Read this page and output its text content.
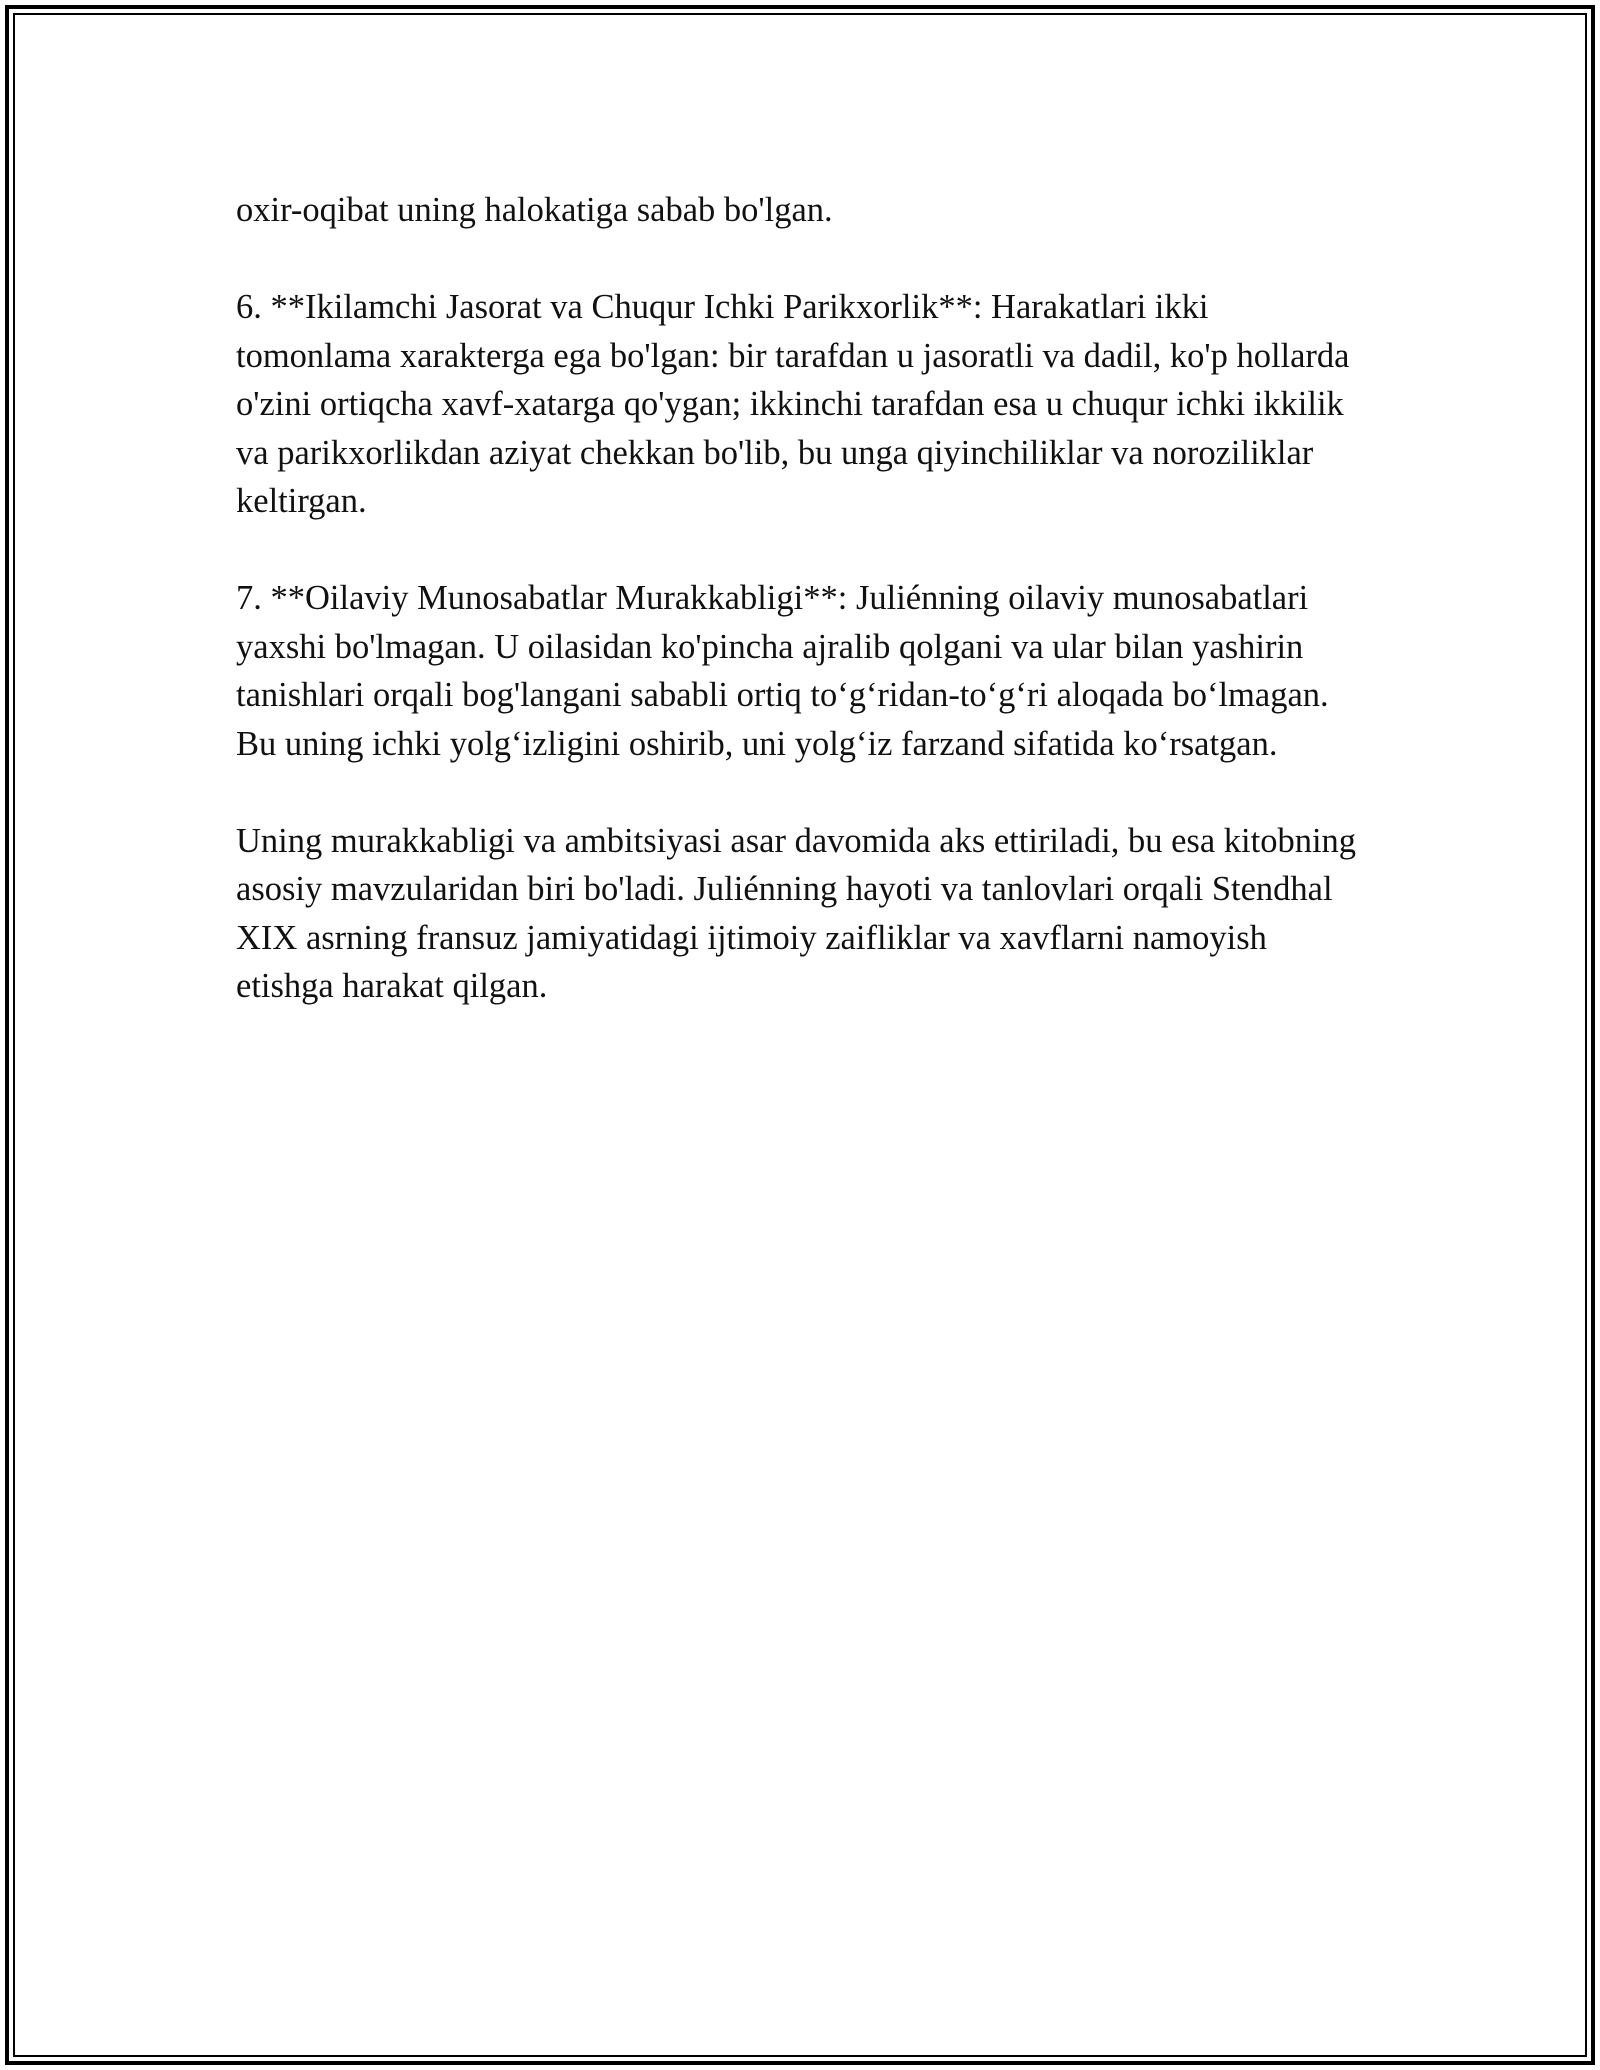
oxir-oqibat uning halokatiga sabab bo'lgan.

6. **Ikilamchi Jasorat va Chuqur Ichki Parikxorlik**: Harakatlari ikki tomonlama xarakterga ega bo'lgan: bir tarafdan u jasoratli va dadil, ko'p hollarda o'zini ortiqcha xavf-xatarga qo'ygan; ikkinchi tarafdan esa u chuqur ichki ikkilik va parikxorlikdan aziyat chekkan bo'lib, bu unga qiyinchiliklar va noroziliklar keltirgan.

7. **Oilaviy Munosabatlar Murakkabligi**: Juliénning oilaviy munosabatlari yaxshi bo'lmagan. U oilasidan ko'pincha ajralib qolgani va ular bilan yashirin tanishlari orqali bog'langani sababli ortiq to‘g‘ridan-to‘g‘ri aloqada bo‘lmagan. Bu uning ichki yolg‘izligini oshirib, uni yolg‘iz farzand sifatida ko‘rsatgan.

Uning murakkabligi va ambitsiyasi asar davomida aks ettiriladi, bu esa kitobning asosiy mavzularidan biri bo'ladi. Juliénning hayoti va tanlovlari orqali Stendhal XIX asrning fransuz jamiyatidagi ijtimoiy zaifliklar va xavflarni namoyish etishga harakat qilgan.
